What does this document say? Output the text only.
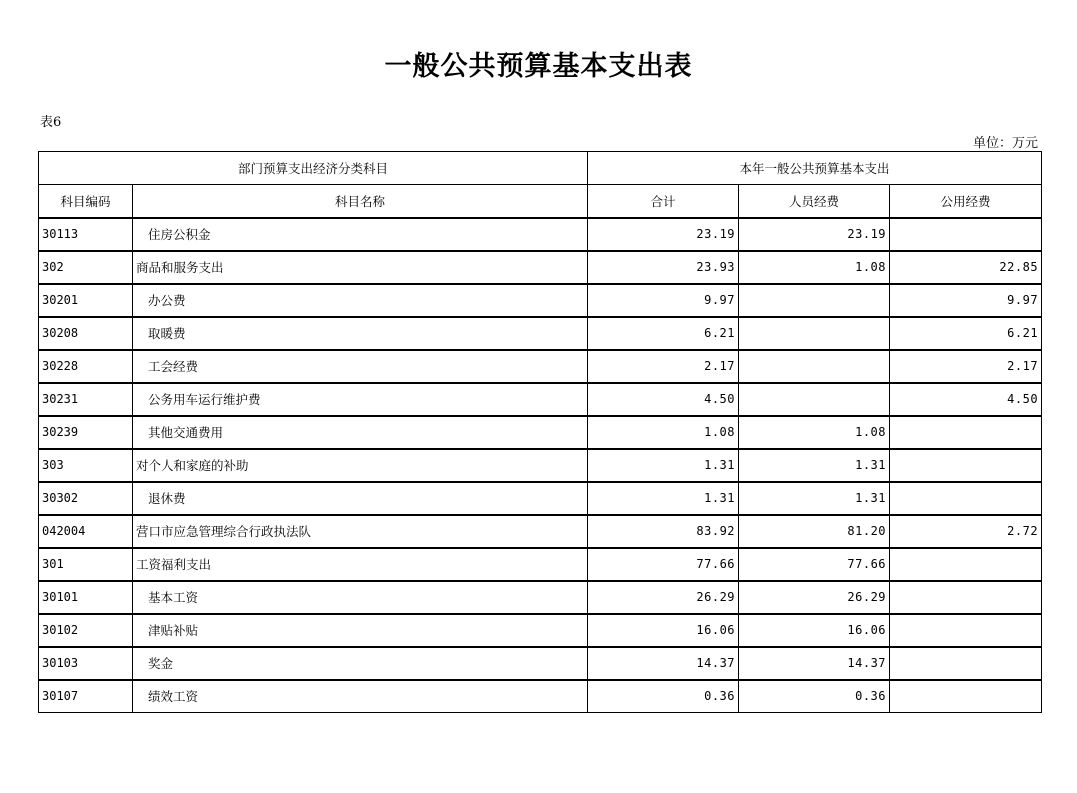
一般公共预算基本支出表
表6
单位：万元
部门预算支出经济分类科目		本年一般公共预算基本支出		
科目编码	科目名称	合计	人员经费	公用经费
30113	住房公积金	23.19	23.19	
302	商品和服务支出	23.93	1.08	22.85
30201	办公费	9.97		9.97
30208	取暖费	6.21		6.21
30228	工会经费	2.17		2.17
30231	公务用车运行维护费	4.50		4.50
30239	其他交通费用	1.08	1.08	
303	对个人和家庭的补助	1.31	1.31	
30302	退休费	1.31	1.31	
042004	营口市应急管理综合行政执法队	83.92	81.20	2.72
301	工资福利支出	77.66	77.66	
30101	基本工资	26.29	26.29	
30102	津贴补贴	16.06	16.06	
30103	奖金	14.37	14.37	
30107	绩效工资	0.36	0.36	
